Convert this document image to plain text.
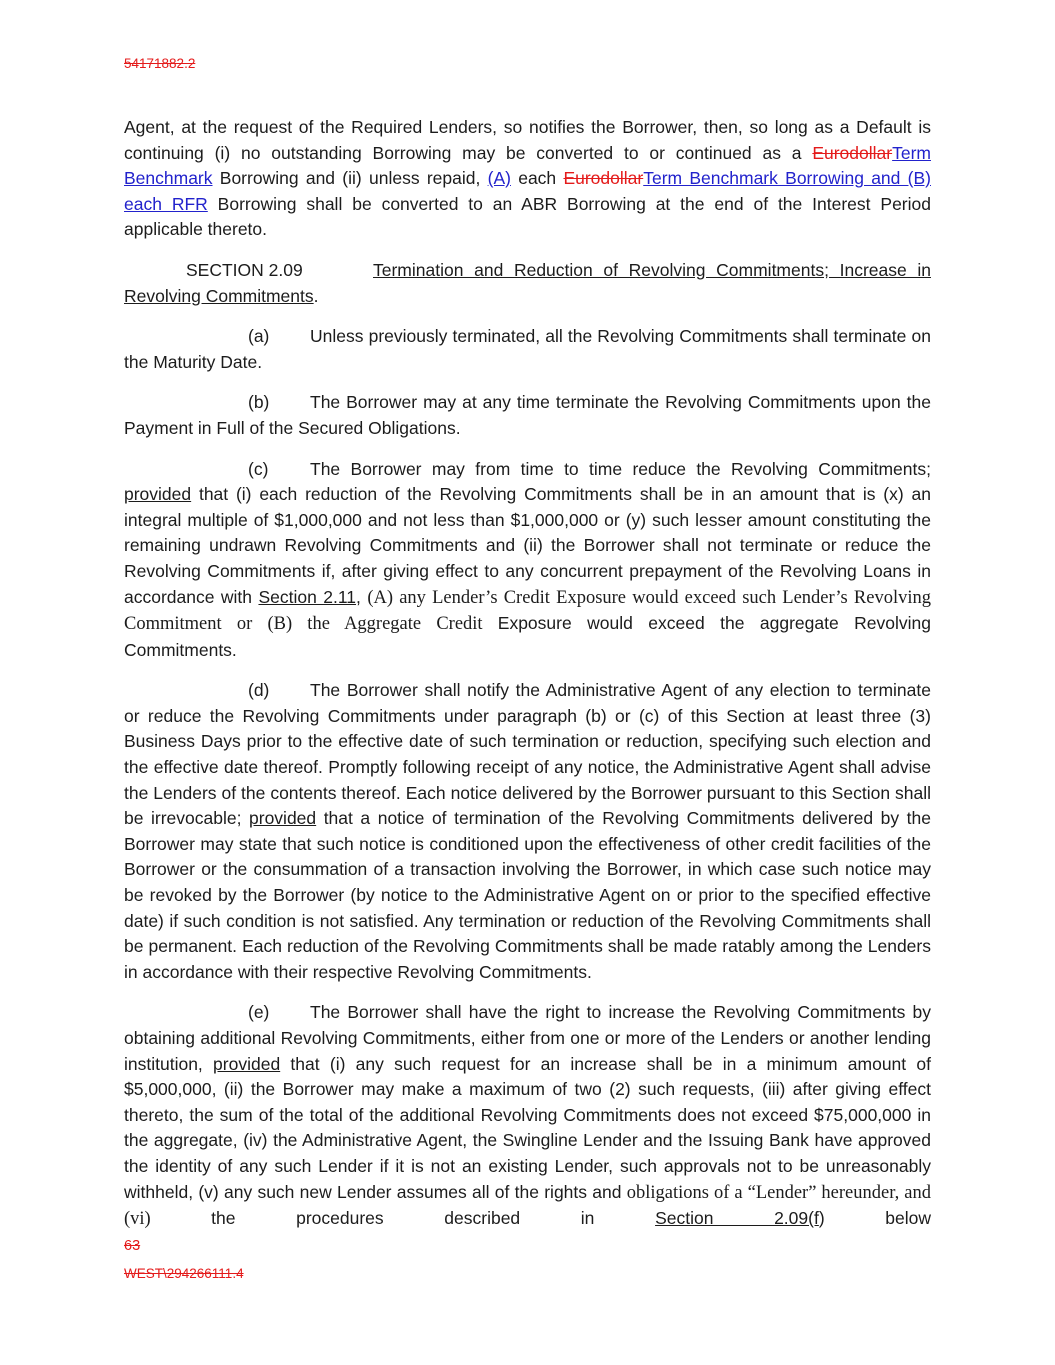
54171882.2

Agent, at the request of the Required Lenders, so notifies the Borrower, then, so long as a Default is continuing (i) no outstanding Borrowing may be converted to or continued as a EurodollarTerm Benchmark Borrowing and (ii) unless repaid, (A) each EurodollarTerm Benchmark Borrowing and (B) each RFR Borrowing shall be converted to an ABR Borrowing at the end of the Interest Period applicable thereto.

SECTION 2.09	Termination and Reduction of Revolving Commitments; Increase in Revolving Commitments.

(a) Unless previously terminated, all the Revolving Commitments shall terminate on the Maturity Date.

(b) The Borrower may at any time terminate the Revolving Commitments upon the Payment in Full of the Secured Obligations.

(c) The Borrower may from time to time reduce the Revolving Commitments; provided that (i) each reduction of the Revolving Commitments shall be in an amount that is (x) an integral multiple of $1,000,000 and not less than $1,000,000 or (y) such lesser amount constituting the remaining undrawn Revolving Commitments and (ii) the Borrower shall not terminate or reduce the Revolving Commitments if, after giving effect to any concurrent prepayment of the Revolving Loans in accordance with Section 2.11, (A) any Lender’s Credit Exposure would exceed such Lender’s Revolving Commitment or (B) the Aggregate Credit Exposure would exceed the aggregate Revolving Commitments.

(d) The Borrower shall notify the Administrative Agent of any election to terminate or reduce the Revolving Commitments under paragraph (b) or (c) of this Section at least three (3) Business Days prior to the effective date of such termination or reduction, specifying such election and the effective date thereof. Promptly following receipt of any notice, the Administrative Agent shall advise the Lenders of the contents thereof. Each notice delivered by the Borrower pursuant to this Section shall be irrevocable; provided that a notice of termination of the Revolving Commitments delivered by the Borrower may state that such notice is conditioned upon the effectiveness of other credit facilities of the Borrower or the consummation of a transaction involving the Borrower, in which case such notice may be revoked by the Borrower (by notice to the Administrative Agent on or prior to the specified effective date) if such condition is not satisfied. Any termination or reduction of the Revolving Commitments shall be permanent. Each reduction of the Revolving Commitments shall be made ratably among the Lenders in accordance with their respective Revolving Commitments.

(e) The Borrower shall have the right to increase the Revolving Commitments by obtaining additional Revolving Commitments, either from one or more of the Lenders or another lending institution, provided that (i) any such request for an increase shall be in a minimum amount of $5,000,000, (ii) the Borrower may make a maximum of two (2) such requests, (iii) after giving effect thereto, the sum of the total of the additional Revolving Commitments does not exceed $75,000,000 in the aggregate, (iv) the Administrative Agent, the Swingline Lender and the Issuing Bank have approved the identity of any such Lender if it is not an existing Lender, such approvals not to be unreasonably withheld, (v) any such new Lender assumes all of the rights and obligations of a “Lender” hereunder, and (vi) the procedures described in Section 2.09(f) below

63
WEST\294266111.4
